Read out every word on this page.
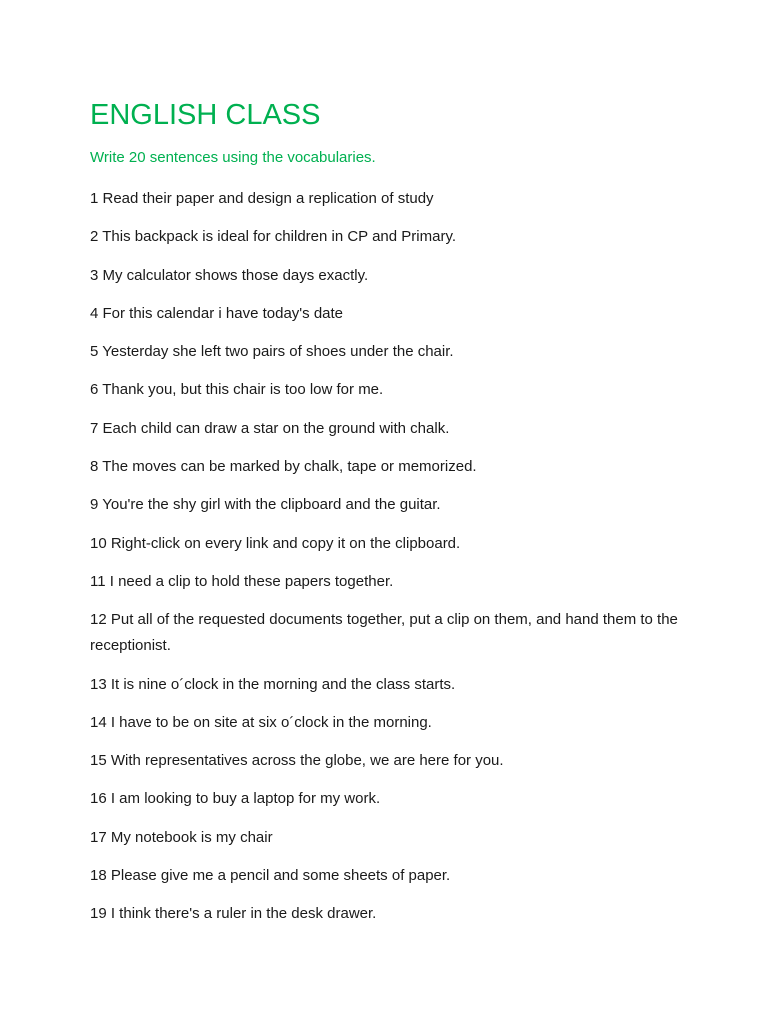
ENGLISH CLASS
Write 20 sentences using the vocabularies.
1 Read their paper and design a replication of study
2 This backpack is ideal for children in CP and Primary.
3 My calculator shows those days exactly.
4 For this calendar i have today's date
5 Yesterday she left two pairs of shoes under the chair.
6 Thank you, but this chair is too low for me.
7 Each child can draw a star on the ground with chalk.
8 The moves can be marked by chalk, tape or memorized.
9 You're the shy girl with the clipboard and the guitar.
10 Right-click on every link and copy it on the clipboard.
11 I need a clip to hold these papers together.
12 Put all of the requested documents together, put a clip on them, and hand them to the receptionist.
13 It is nine o´clock in the morning and the class starts.
14 I have to be on site at six o´clock in the morning.
15 With representatives across the globe, we are here for you.
16 I am looking to buy a laptop for my work.
17 My notebook is my chair
18 Please give me a pencil and some sheets of paper.
19 I think there's a ruler in the desk drawer.
